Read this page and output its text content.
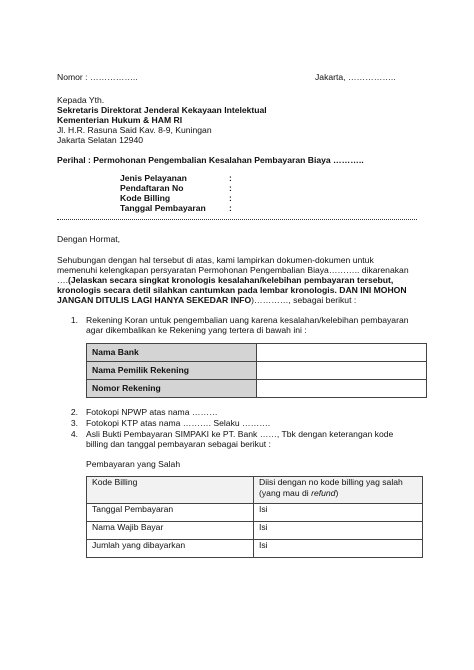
Nomor : ……………..	Jakarta, ……………..
Kepada Yth.
Sekretaris Direktorat Jenderal Kekayaan Intelektual
Kementerian Hukum & HAM RI
Jl. H.R. Rasuna Said Kav. 8-9, Kuningan
Jakarta Selatan 12940
Perihal : Permohonan Pengembalian Kesalahan Pembayaran Biaya ………..
Jenis Pelayanan	:
Pendaftaran No	:
Kode Billing	:
Tanggal Pembayaran	:
Dengan Hormat,
Sehubungan dengan hal tersebut di atas, kami lampirkan dokumen-dokumen untuk
memenuhi kelengkapan persyaratan Permohonan Pengembalian Biaya……….. dikarenakan
….(Jelaskan secara singkat kronologis kesalahan/kelebihan pembayaran tersebut,
kronologis secara detil silahkan cantumkan pada lembar kronologis. DAN INI MOHON
JANGAN DITULIS LAGI HANYA SEKEDAR INFO)…………, sebagai berikut :
1. Rekening Koran untuk pengembalian uang karena kesalahan/kelebihan pembayaran
agar dikembalikan ke Rekening yang tertera di bawah ini :
Nama Bank	
Nama Pemilik Rekening	
Nomor Rekening	
2. Fotokopi NPWP atas nama ………
3. Fotokopi KTP atas nama ………. Selaku ……….
4. Asli Bukti Pembayaran SIMPAKI ke PT. Bank ……, Tbk dengan keterangan kode
billing dan tanggal pembayaran sebagai berikut :
Pembayaran yang Salah
Kode Billing	Diisi dengan no kode billing yag salah
(yang mau di refund)
Tanggal Pembayaran	Isi
Nama Wajib Bayar	Isi
Jumlah yang dibayarkan	Isi
